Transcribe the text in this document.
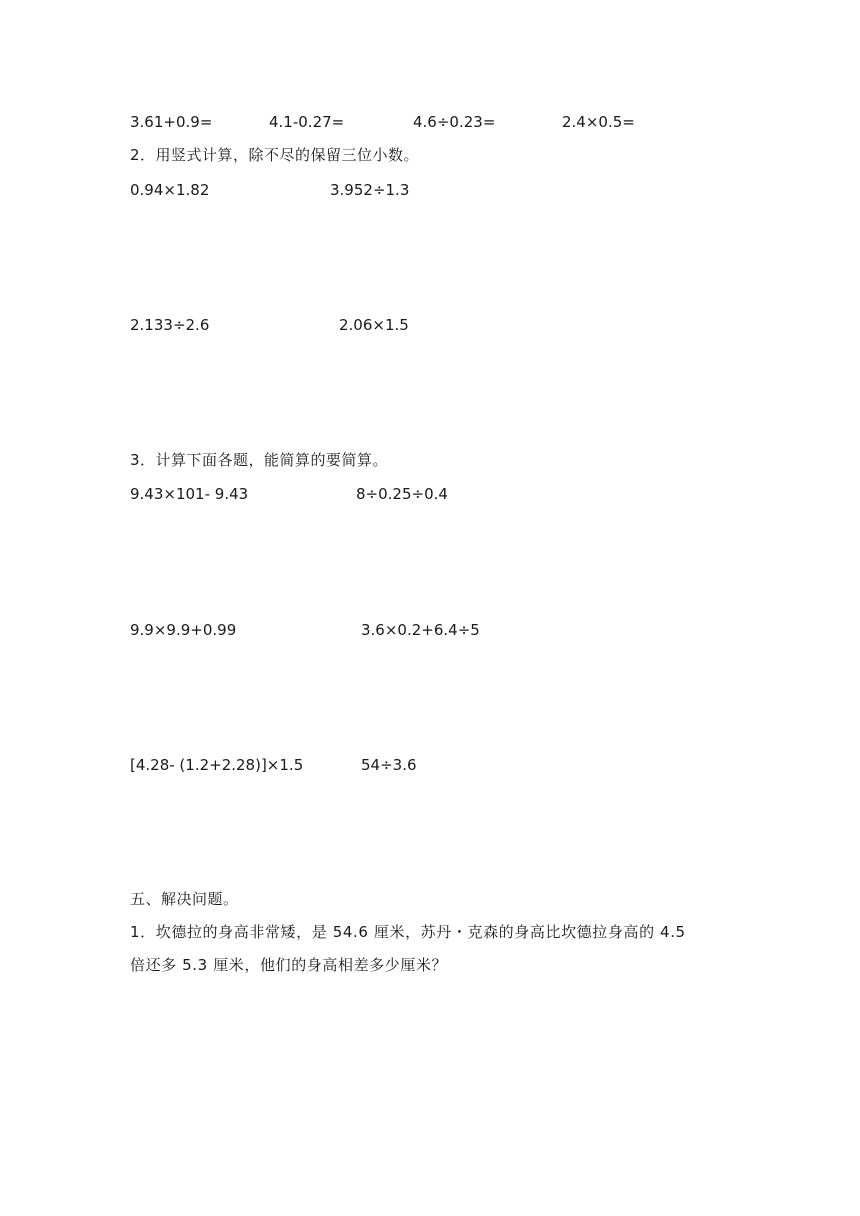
3.61+0.9=	4.1-0.27=	4.6÷0.23=	2.4×0.5=
2．用竖式计算，除不尽的保留三位小数。
0.94×1.82	3.952÷1.3
2.133÷2.6	2.06×1.5
3．计算下面各题，能简算的要简算。
9.43×101- 9.43	8÷0.25÷0.4
9.9×9.9+0.99	3.6×0.2+6.4÷5
[4.28- (1.2+2.28)]×1.5	54÷3.6
五、解决问题。
1．坎德拉的身高非常矮，是 54.6 厘米，苏丹・克森的身高比坎德拉身高的 4.5
倍还多 5.3 厘米，他们的身高相差多少厘米？
